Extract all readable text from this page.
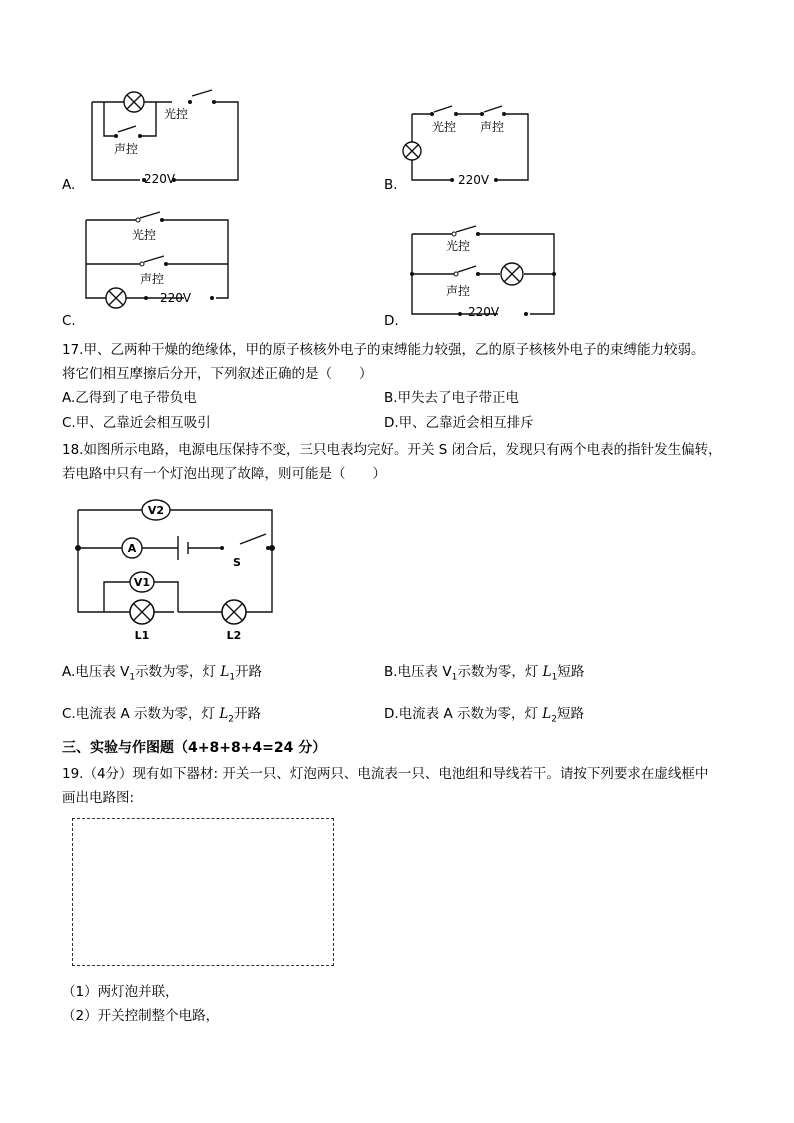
A.
光控
声控
220V	B.
光控 声控
220V
C.
光控
声控
220V
D.
光控
声控
220V
17.甲、乙两种干燥的绝缘体，甲的原子核核外电子的束缚能力较强，乙的原子核核外电子的束缚能力较弱。
将它们相互摩擦后分开，下列叙述正确的是（　　）
A.乙得到了电子带负电	B.甲失去了电子带正电
C.甲、乙靠近会相互吸引	D.甲、乙靠近会相互排斥
18.如图所示电路，电源电压保持不变，三只电表均完好。开关 S 闭合后，发现只有两个电表的指针发生偏转，
若电路中只有一个灯泡出现了故障，则可能是（　　）
V2
A
V1
S
L1	L2
A.电压表 $V_1$示数为零，灯 $L_1$开路	B.电压表 $V_1$示数为零，灯 $L_1$短路
C.电流表 A 示数为零，灯 $L_2$开路	D.电流表 A 示数为零，灯 $L_2$短路
三、实验与作图题（4+8+8+4=24 分）
19.（4分）现有如下器材: 开关一只、灯泡两只、电流表一只、电池组和导线若干。请按下列要求在虚线框中
画出电路图:
（1）两灯泡并联，
（2）开关控制整个电路，
